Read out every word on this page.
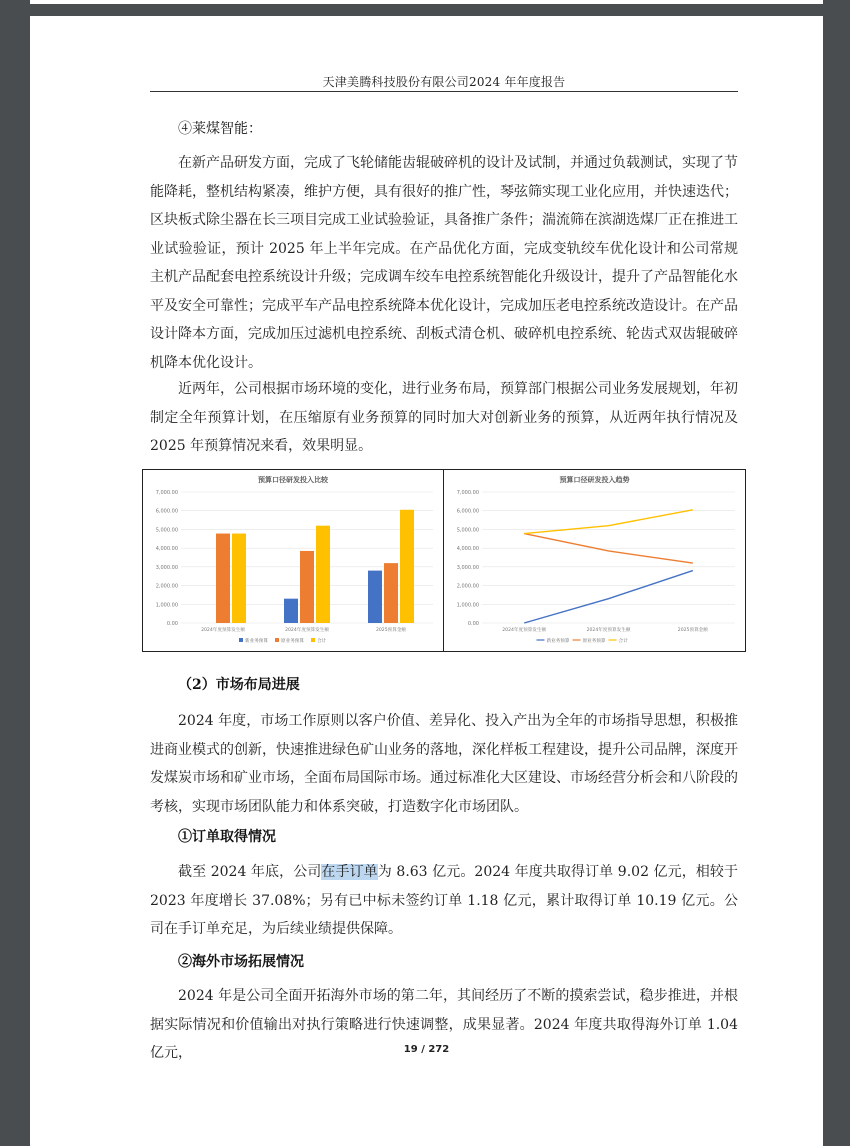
天津美腾科技股份有限公司2024 年年度报告

④莱煤智能：

在新产品研发方面，完成了飞轮储能齿辊破碎机的设计及试制，并通过负载测试，实现了节能降耗，整机结构紧凑，维护方便，具有很好的推广性，琴弦筛实现工业化应用，并快速迭代；区块板式除尘器在长三项目完成工业试验验证，具备推广条件；湍流筛在滨湖选煤厂正在推进工业试验验证，预计 2025 年上半年完成。在产品优化方面，完成变轨绞车优化设计和公司常规主机产品配套电控系统设计升级；完成调车绞车电控系统智能化升级设计，提升了产品智能化水平及安全可靠性；完成平车产品电控系统降本优化设计，完成加压老电控系统改造设计。在产品设计降本方面，完成加压过滤机电控系统、刮板式清仓机、破碎机电控系统、轮齿式双齿辊破碎机降本优化设计。

近两年，公司根据市场环境的变化，进行业务布局，预算部门根据公司业务发展规划，年初制定全年预算计划，在压缩原有业务预算的同时加大对创新业务的预算，从近两年执行情况及 2025 年预算情况来看，效果明显。

预算口径研发投入比较
0.00
1,000.00
2,000.00
3,000.00
4,000.00
5,000.00
6,000.00
7,000.00
2024年度预算发生额	2024年度预算发生额	2025预算金额
新业务预算	原业务预算	合计
预算口径研发投入趋势
0.00
1,000.00
2,000.00
3,000.00
4,000.00
5,000.00
6,000.00
7,000.00
2024年度预算发生额	2024年度预算发生额	2025预算金额
新业务预算	原业务预算	合计

（2）市场布局进展

2024 年度，市场工作原则以客户价值、差异化、投入产出为全年的市场指导思想，积极推进商业模式的创新，快速推进绿色矿山业务的落地，深化样板工程建设，提升公司品牌，深度开发煤炭市场和矿业市场，全面布局国际市场。通过标准化大区建设、市场经营分析会和八阶段的考核，实现市场团队能力和体系突破，打造数字化市场团队。

①订单取得情况

截至 2024 年底，公司在手订单为 8.63 亿元。2024 年度共取得订单 9.02 亿元，相较于 2023 年度增长 37.08%；另有已中标未签约订单 1.18 亿元，累计取得订单 10.19 亿元。公司在手订单充足，为后续业绩提供保障。

②海外市场拓展情况

2024 年是公司全面开拓海外市场的第二年，其间经历了不断的摸索尝试，稳步推进，并根据实际情况和价值输出对执行策略进行快速调整，成果显著。2024 年度共取得海外订单 1.04 亿元，	19 / 272
